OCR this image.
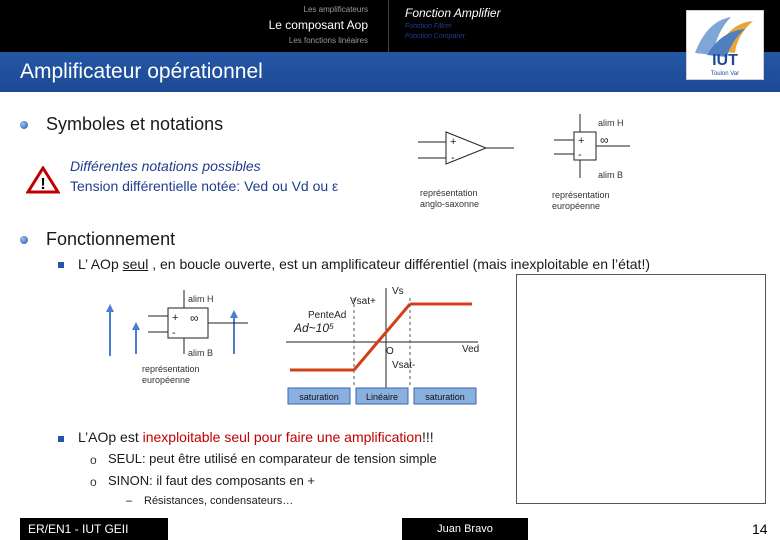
Les amplificateurs
Le composant Aop
Les fonctions linéaires
Fonction Amplifier
Fonction Filtrer
Fonction Comparer
Amplificateur opérationnel	IUT
Toulon Var
Symboles et notations
!
Différentes notations possibles
Tension différentielle notée: Ved ou Vd ou ε
+
-
représentation
anglo-saxonne
+
-
∞
alim H
alim B
représentation
européenne
Fonctionnement
L’ AOp seul , en boucle ouverte, est un amplificateur différentiel (mais inexploitable en l’état!)
+
-
∞
alim H
alim B
représentation
européenne
Vs
Vsat+
Vsat-
Ved
O
PenteAd
Ad~10⁵
saturation	Linéaire	saturation
L’AOp est inexploitable seul pour faire une amplification!!!
o SEUL: peut être utilisé en comparateur de tension simple
o SINON: il faut des composants en +
– Résistances, condensateurs…
ER/EN1 - IUT GEII	Juan Bravo	14
